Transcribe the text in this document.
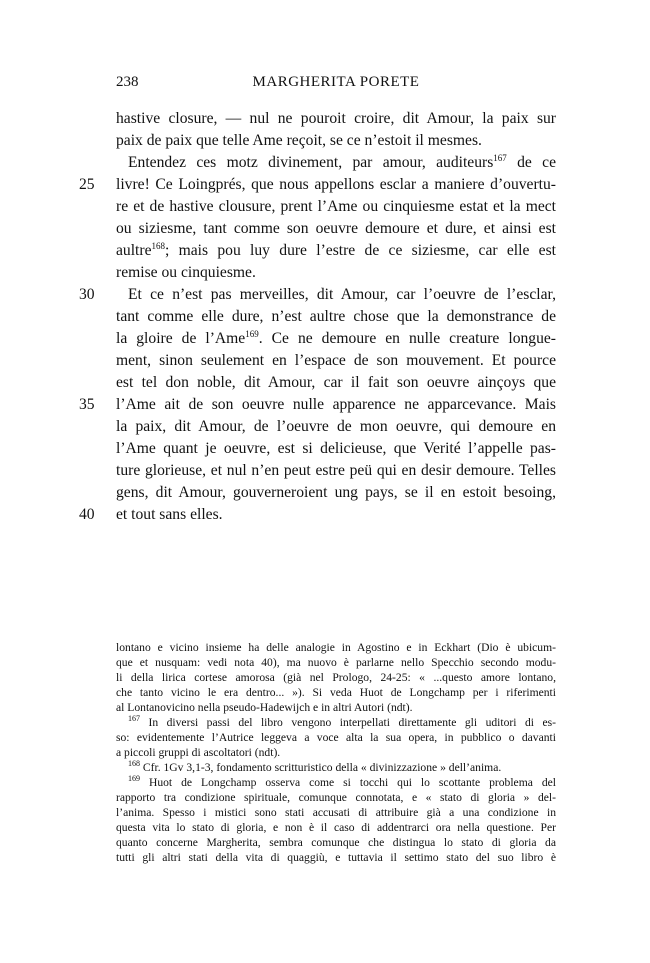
238	MARGHERITA PORETE
hastive closure, — nul ne pouroit croire, dit Amour, la paix sur
paix de paix que telle Ame reçoit, se ce n’estoit il mesmes.
Entendez ces motz divinement, par amour, auditeurs$^{167}$ de ce
25 livre! Ce Loingprés, que nous appellons esclar a maniere d’ouvertu-
re et de hastive clousure, prent l’Ame ou cinquiesme estat et la mect
ou siziesme, tant comme son oeuvre demoure et dure, et ainsi est
aultre$^{168}$; mais pou luy dure l’estre de ce siziesme, car elle est
remise ou cinquiesme.
30	Et ce n’est pas merveilles, dit Amour, car l’oeuvre de l’esclar,
tant comme elle dure, n’est aultre chose que la demonstrance de
la gloire de l’Ame$^{169}$. Ce ne demoure en nulle creature longue-
ment, sinon seulement en l’espace de son mouvement. Et pource
est tel don noble, dit Amour, car il fait son oeuvre ainçoys que
35 l’Ame ait de son oeuvre nulle apparence ne apparcevance. Mais
la paix, dit Amour, de l’oeuvre de mon oeuvre, qui demoure en
l’Ame quant je oeuvre, est si delicieuse, que Verité l’appelle pas-
ture glorieuse, et nul n’en peut estre peü qui en desir demoure. Telles
gens, dit Amour, gouverneroient ung pays, se il en estoit besoing,
40 et tout sans elles.
lontano e vicino insieme ha delle analogie in Agostino e in Eckhart (Dio è ubicum-
que et nusquam: vedi nota 40), ma nuovo è parlarne nello Specchio secondo modu-
li della lirica cortese amorosa (già nel Prologo, 24-25: « ...questo amore lontano,
che tanto vicino le era dentro... »). Si veda Huot de Longchamp per i riferimenti
al Lontanovicino nella pseudo-Hadewijch e in altri Autori (ndt).
$^{167}$ In diversi passi del libro vengono interpellati direttamente gli uditori di es-
so: evidentemente l’Autrice leggeva a voce alta la sua opera, in pubblico o davanti
a piccoli gruppi di ascoltatori (ndt).
$^{168}$ Cfr. 1Gv 3,1-3, fondamento scritturistico della « divinizzazione » dell’anima.
$^{169}$ Huot de Longchamp osserva come si tocchi qui lo scottante problema del
rapporto tra condizione spirituale, comunque connotata, e « stato di gloria » del-
l’anima. Spesso i mistici sono stati accusati di attribuire già a una condizione in
questa vita lo stato di gloria, e non è il caso di addentrarci ora nella questione. Per
quanto concerne Margherita, sembra comunque che distingua lo stato di gloria da
tutti gli altri stati della vita di quaggiù, e tuttavia il settimo stato del suo libro è
